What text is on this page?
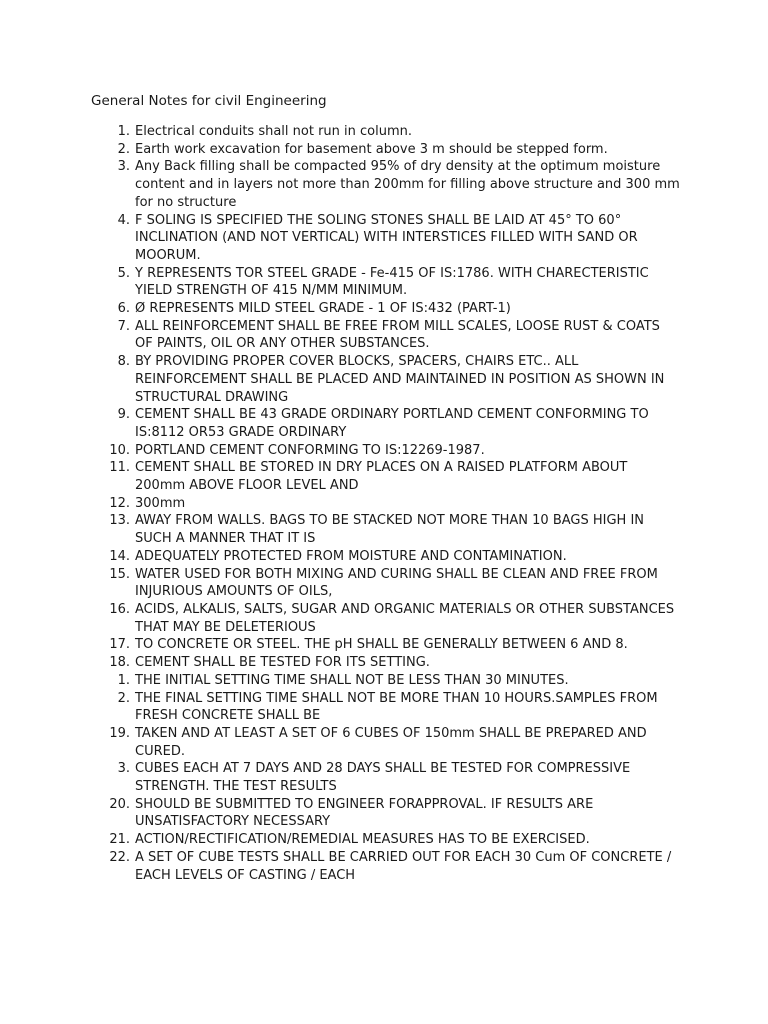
General Notes for civil Engineering
1. Electrical conduits shall not run in column.
2. Earth work excavation for basement above 3 m should be stepped form.
3. Any Back filling shall be compacted 95% of dry density at the optimum moisture content and in layers not more than 200mm for filling above structure and 300 mm for no structure
4. F SOLING IS SPECIFIED THE SOLING STONES SHALL BE LAID AT 45° TO 60° INCLINATION (AND NOT VERTICAL) WITH INTERSTICES FILLED WITH SAND OR MOORUM.
5. Y REPRESENTS TOR STEEL GRADE - Fe-415 OF IS:1786. WITH CHARECTERISTIC YIELD STRENGTH OF 415 N/MM MINIMUM.
6. Ø REPRESENTS MILD STEEL GRADE - 1 OF IS:432 (PART-1)
7. ALL REINFORCEMENT SHALL BE FREE FROM MILL SCALES, LOOSE RUST & COATS OF PAINTS, OIL OR ANY OTHER SUBSTANCES.
8. BY PROVIDING PROPER COVER BLOCKS, SPACERS, CHAIRS ETC.. ALL REINFORCEMENT SHALL BE PLACED AND MAINTAINED IN POSITION AS SHOWN IN STRUCTURAL DRAWING
9. CEMENT SHALL BE 43 GRADE ORDINARY PORTLAND CEMENT CONFORMING TO IS:8112 OR53 GRADE ORDINARY
10. PORTLAND CEMENT CONFORMING TO IS:12269-1987.
11. CEMENT SHALL BE STORED IN DRY PLACES ON A RAISED PLATFORM ABOUT 200mm ABOVE FLOOR LEVEL AND
12. 300mm
13. AWAY FROM WALLS. BAGS TO BE STACKED NOT MORE THAN 10 BAGS HIGH IN SUCH A MANNER THAT IT IS
14. ADEQUATELY PROTECTED FROM MOISTURE AND CONTAMINATION.
15. WATER USED FOR BOTH MIXING AND CURING SHALL BE CLEAN AND FREE FROM INJURIOUS AMOUNTS OF OILS,
16. ACIDS, ALKALIS, SALTS, SUGAR AND ORGANIC MATERIALS OR OTHER SUBSTANCES THAT MAY BE DELETERIOUS
17. TO CONCRETE OR STEEL. THE pH SHALL BE GENERALLY BETWEEN 6 AND 8.
18. CEMENT SHALL BE TESTED FOR ITS SETTING.
1. THE INITIAL SETTING TIME SHALL NOT BE LESS THAN 30 MINUTES.
2. THE FINAL SETTING TIME SHALL NOT BE MORE THAN 10 HOURS.SAMPLES FROM FRESH CONCRETE SHALL BE
19. TAKEN AND AT LEAST A SET OF 6 CUBES OF 150mm SHALL BE PREPARED AND CURED.
3. CUBES EACH AT 7 DAYS AND 28 DAYS SHALL BE TESTED FOR COMPRESSIVE STRENGTH. THE TEST RESULTS
20. SHOULD BE SUBMITTED TO ENGINEER FORAPPROVAL. IF RESULTS ARE UNSATISFACTORY NECESSARY
21. ACTION/RECTIFICATION/REMEDIAL MEASURES HAS TO BE EXERCISED.
22. A SET OF CUBE TESTS SHALL BE CARRIED OUT FOR EACH 30 Cum OF CONCRETE / EACH LEVELS OF CASTING / EACH
